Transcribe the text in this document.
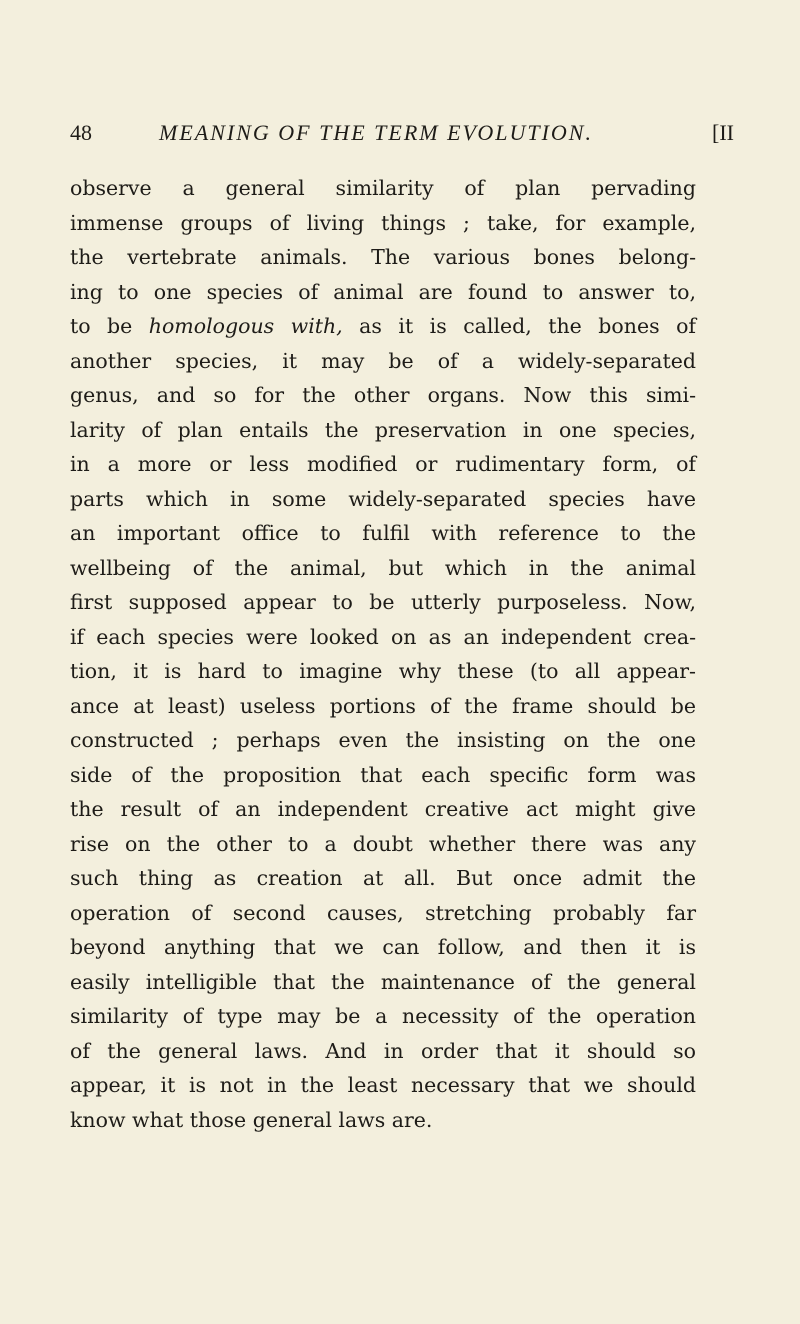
48	MEANING OF THE TERM EVOLUTION.	[II
observe a general similarity of plan pervading
immense groups of living things ; take, for example,
the vertebrate animals. The various bones belong-
ing to one species of animal are found to answer to,
to be homologous with, as it is called, the bones of
another species, it may be of a widely-separated
genus, and so for the other organs. Now this simi-
larity of plan entails the preservation in one species,
in a more or less modified or rudimentary form, of
parts which in some widely-separated species have
an important office to fulfil with reference to the
wellbeing of the animal, but which in the animal
first supposed appear to be utterly purposeless. Now,
if each species were looked on as an independent crea-
tion, it is hard to imagine why these (to all appear-
ance at least) useless portions of the frame should be
constructed ; perhaps even the insisting on the one
side of the proposition that each specific form was
the result of an independent creative act might give
rise on the other to a doubt whether there was any
such thing as creation at all. But once admit the
operation of second causes, stretching probably far
beyond anything that we can follow, and then it is
easily intelligible that the maintenance of the general
similarity of type may be a necessity of the operation
of the general laws. And in order that it should so
appear, it is not in the least necessary that we should
know what those general laws are.
